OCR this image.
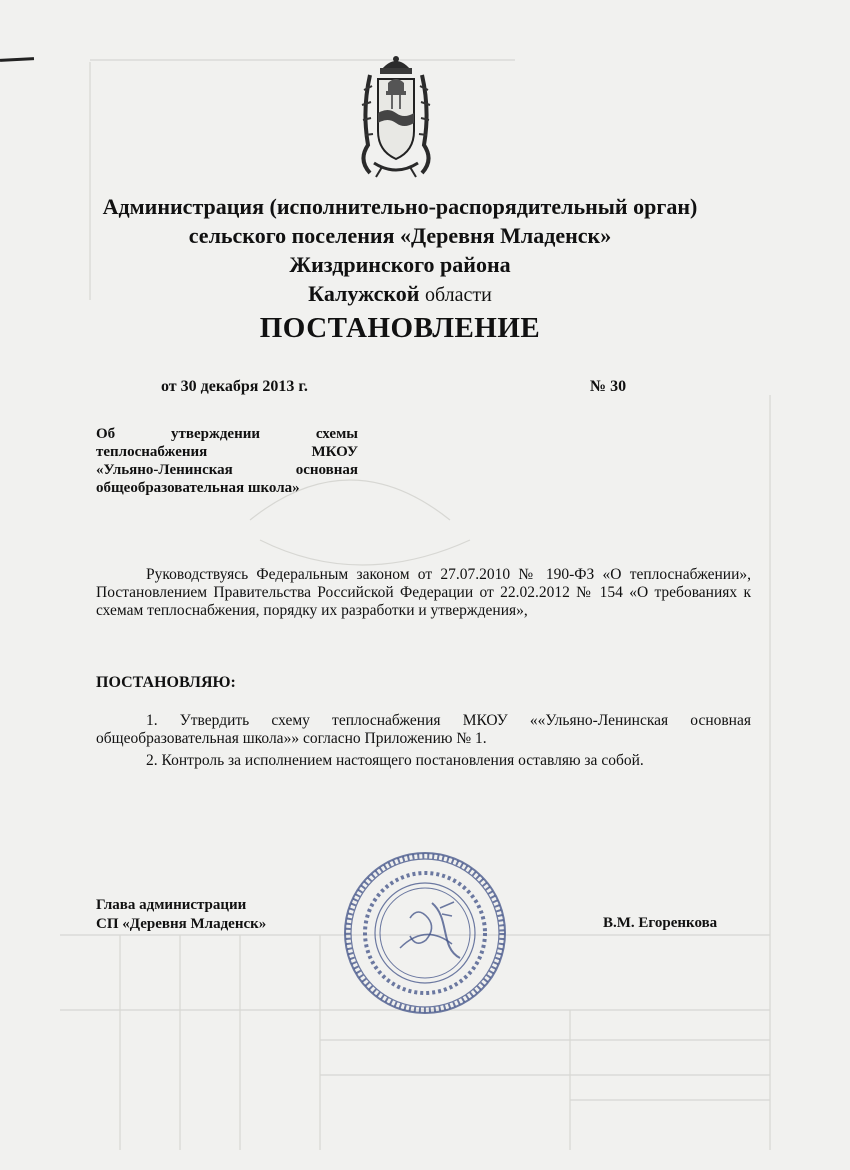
Администрация (исполнительно-распорядительный орган)
сельского поселения «Деревня Младенск»
Жиздринского района
Калужской области
ПОСТАНОВЛЕНИЕ
от 30 декабря 2013 г.	№ 30
Об утверждении схемы
теплоснабжения МКОУ
«Ульяно-Ленинская основная
общеобразовательная школа»
Руководствуясь Федеральным законом от 27.07.2010 № 190-ФЗ «О теплоснабжении», Постановлением Правительства Российской Федерации от 22.02.2012 № 154 «О требованиях к схемам теплоснабжения, порядку их разработки и утверждения»,
ПОСТАНОВЛЯЮ:
1. Утвердить схему теплоснабжения МКОУ ««Ульяно-Ленинская основная общеобразовательная школа»» согласно Приложению № 1.
2. Контроль за исполнением настоящего постановления оставляю за собой.
Глава администрации
СП «Деревня Младенск»	В.М. Егоренкова
